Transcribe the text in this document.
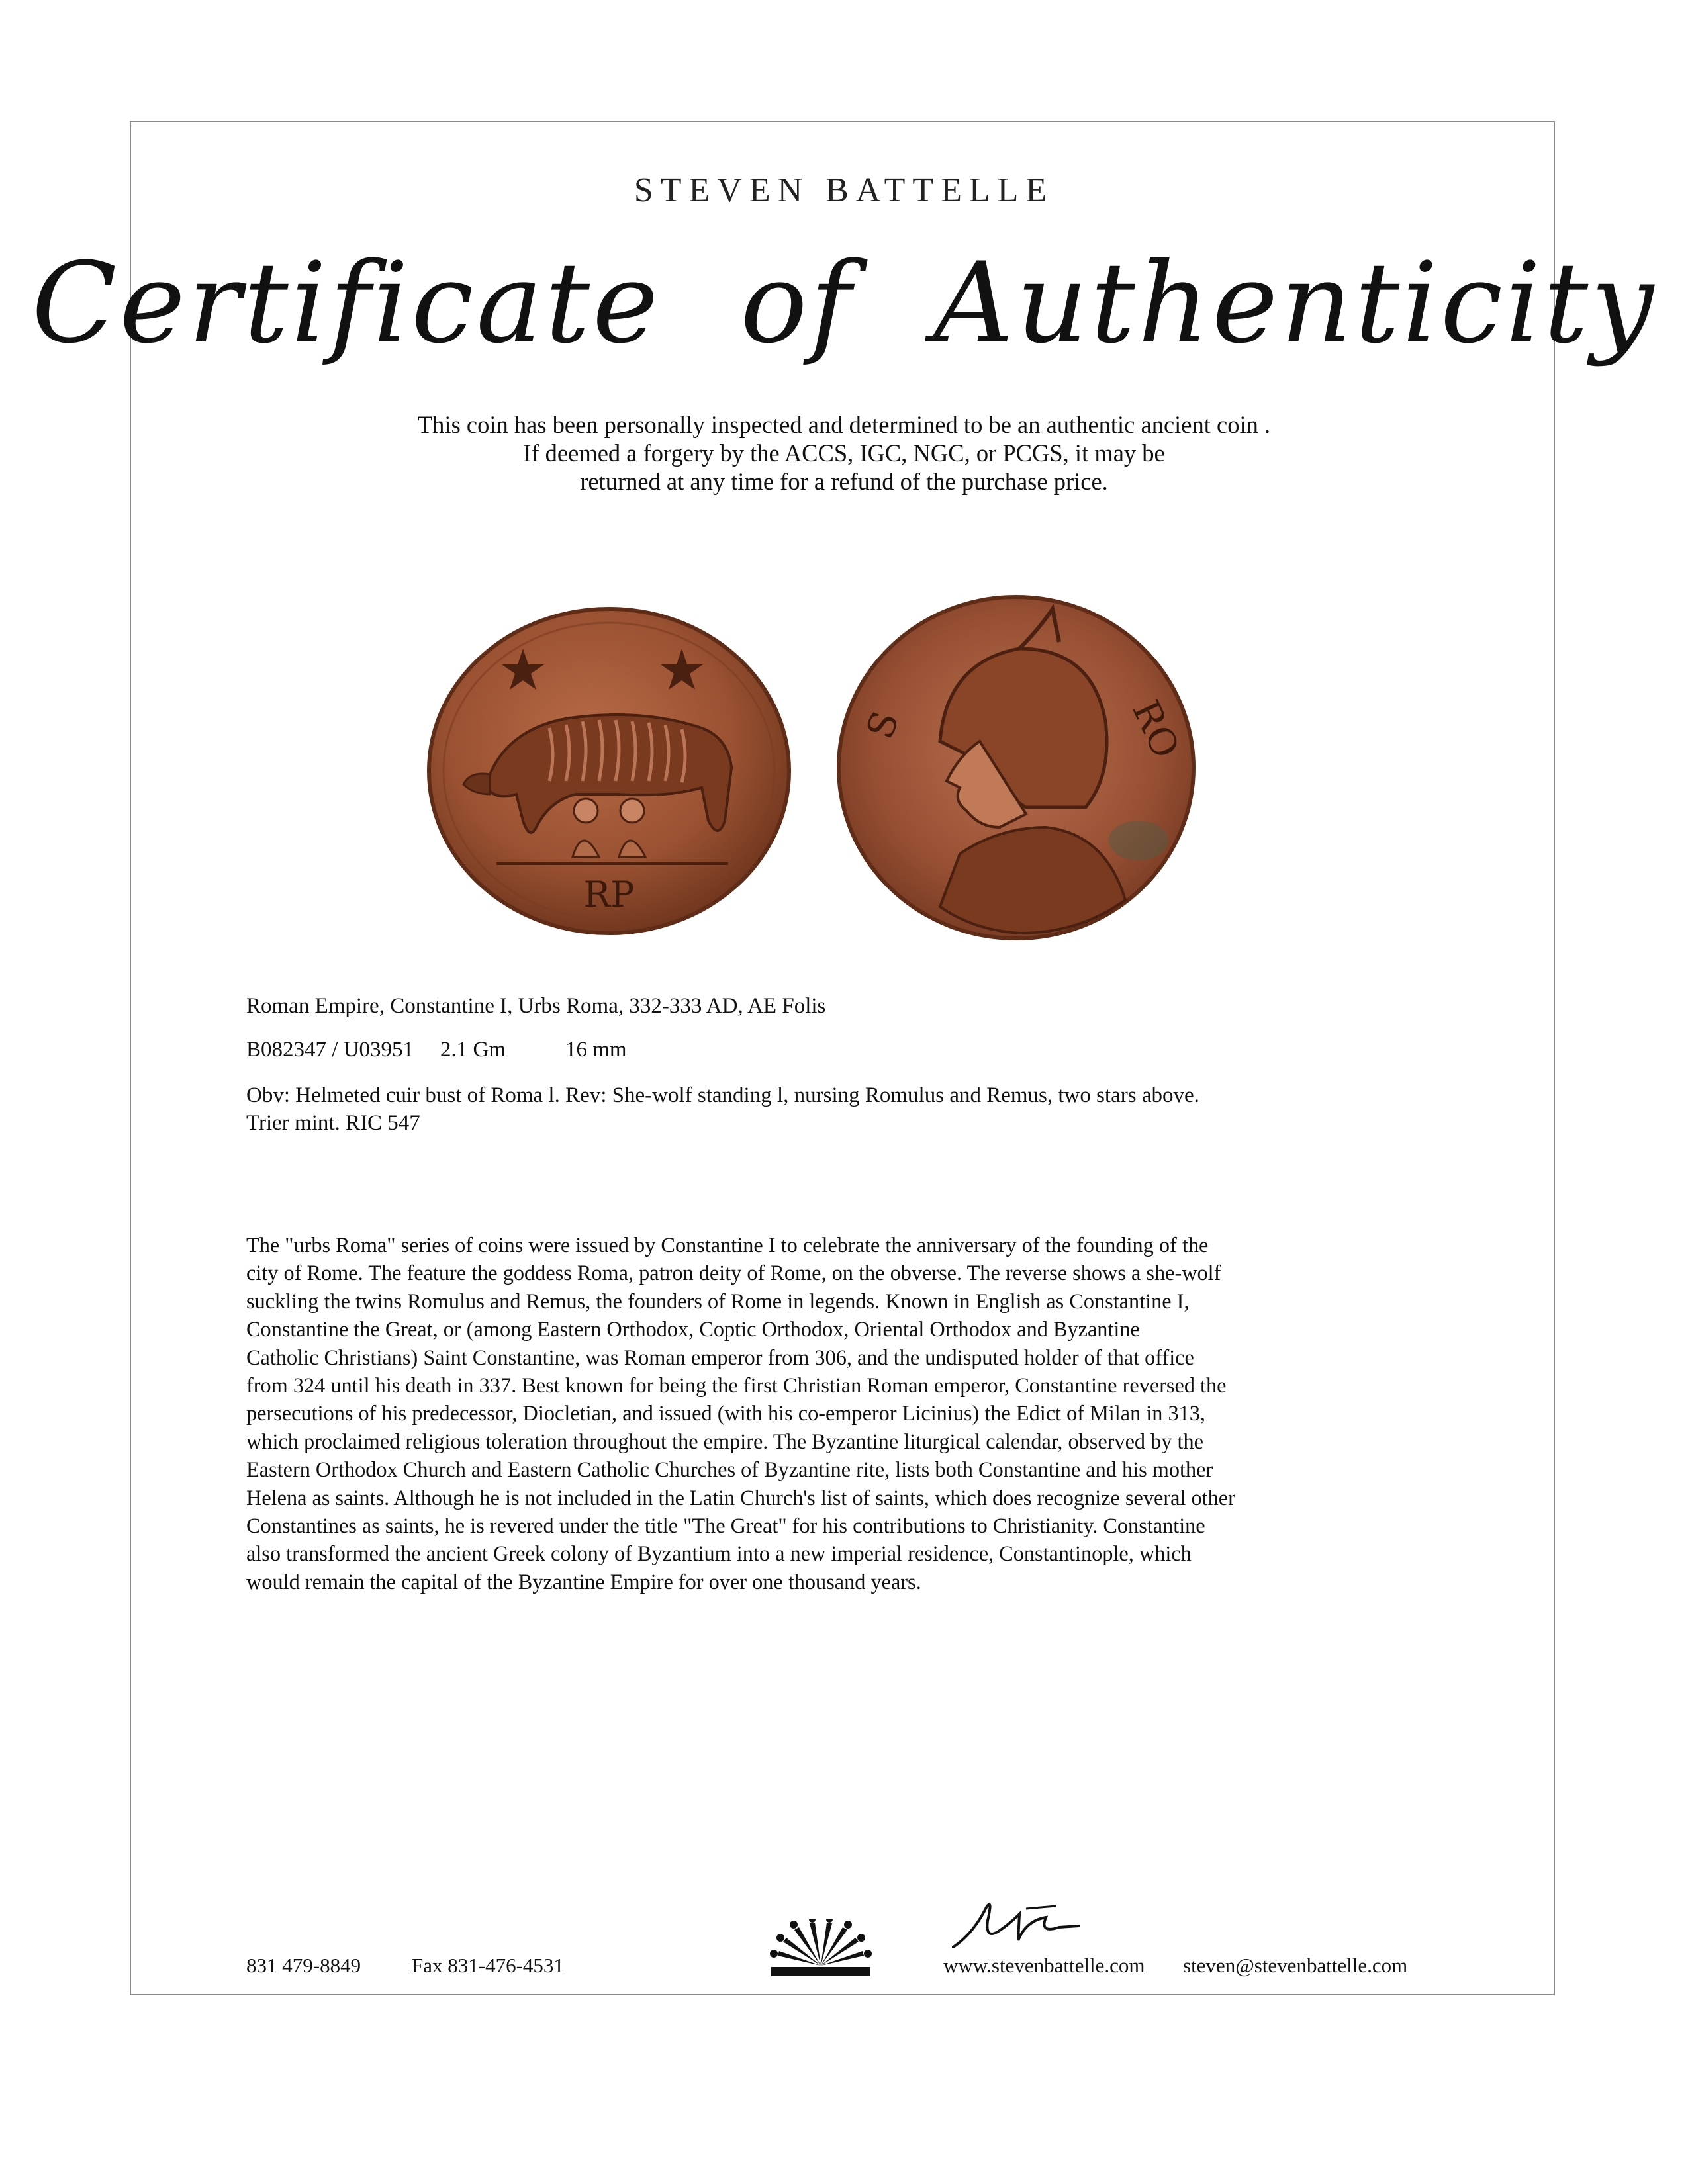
STEVEN BATTELLE
Certificate of Authenticity
This coin has been personally inspected and determined to be an authentic ancient coin .
If deemed a forgery by the ACCS, IGC, NGC, or PCGS, it may be
returned at any time for a refund of the purchase price.
RP
S	RO
Roman Empire, Constantine I, Urbs Roma, 332-333 AD, AE Folis
B082347 / U03951 2.1 Gm	16 mm
Obv: Helmeted cuir bust of Roma l. Rev: She-wolf standing l, nursing Romulus and Remus, two stars above.
Trier mint. RIC 547
The "urbs Roma" series of coins were issued by Constantine I to celebrate the anniversary of the founding of the
city of Rome. The feature the goddess Roma, patron deity of Rome, on the obverse. The reverse shows a she-wolf
suckling the twins Romulus and Remus, the founders of Rome in legends. Known in English as Constantine I,
Constantine the Great, or (among Eastern Orthodox, Coptic Orthodox, Oriental Orthodox and Byzantine
Catholic Christians) Saint Constantine, was Roman emperor from 306, and the undisputed holder of that office
from 324 until his death in 337. Best known for being the first Christian Roman emperor, Constantine reversed the
persecutions of his predecessor, Diocletian, and issued (with his co-emperor Licinius) the Edict of Milan in 313,
which proclaimed religious toleration throughout the empire. The Byzantine liturgical calendar, observed by the
Eastern Orthodox Church and Eastern Catholic Churches of Byzantine rite, lists both Constantine and his mother
Helena as saints. Although he is not included in the Latin Church's list of saints, which does recognize several other
Constantines as saints, he is revered under the title "The Great" for his contributions to Christianity. Constantine
also transformed the ancient Greek colony of Byzantium into a new imperial residence, Constantinople, which
would remain the capital of the Byzantine Empire for over one thousand years.
831 479-8849 Fax 831-476-4531	www.stevenbattelle.com steven@stevenbattelle.com
